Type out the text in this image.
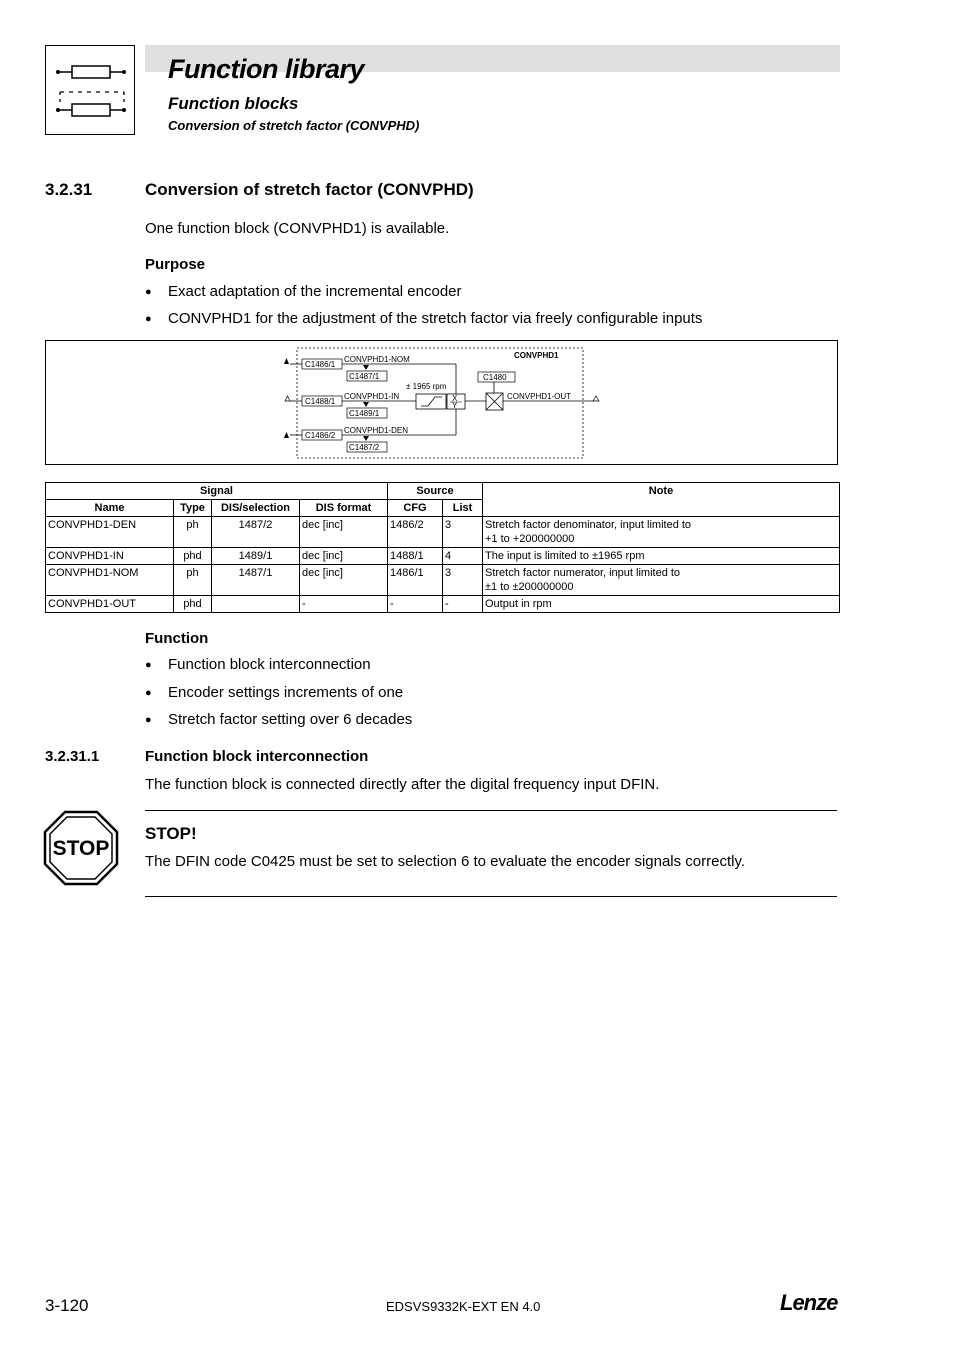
Function library
Function blocks
Conversion of stretch factor (CONVPHD)
3.2.31	Conversion of stretch factor (CONVPHD)
One function block (CONVPHD1) is available.
Purpose
● Exact adaptation of the incremental encoder
● CONVPHD1 for the adjustment of the stretch factor via freely configurable inputs
CONVPHD1
C1486/1
CONVPHD1-NOM
C1487/1
C1488/1
CONVPHD1-IN
C1489/1
± 1965 rpm
X
Y
C1480
CONVPHD1-OUT
C1486/2
CONVPHD1-DEN
C1487/2
Signal				Source		Note
Name	Type	DIS/selection	DIS format	CFG	List	
CONVPHD1-DEN	ph	1487/2	dec [inc]	1486/2	3	Stretch factor denominator, input limited to
+1 to +200000000

CONVPHD1-IN	phd	1489/1	dec [inc]	1488/1	4	The input is limited to ±1965 rpm
CONVPHD1-NOM	ph	1487/1	dec [inc]	1486/1	3	Stretch factor numerator, input limited to
±1 to ±200000000

CONVPHD1-OUT	phd		-	-	-	Output in rpm
Function
● Function block interconnection
● Encoder settings increments of one
● Stretch factor setting over 6 decades
3.2.31.1	Function block interconnection
The function block is connected directly after the digital frequency input DFIN.
STOP
STOP!
The DFIN code C0425 must be set to selection 6 to evaluate the encoder signals correctly.
3-120	EDSVS9332K-EXT EN 4.0	Lenze
